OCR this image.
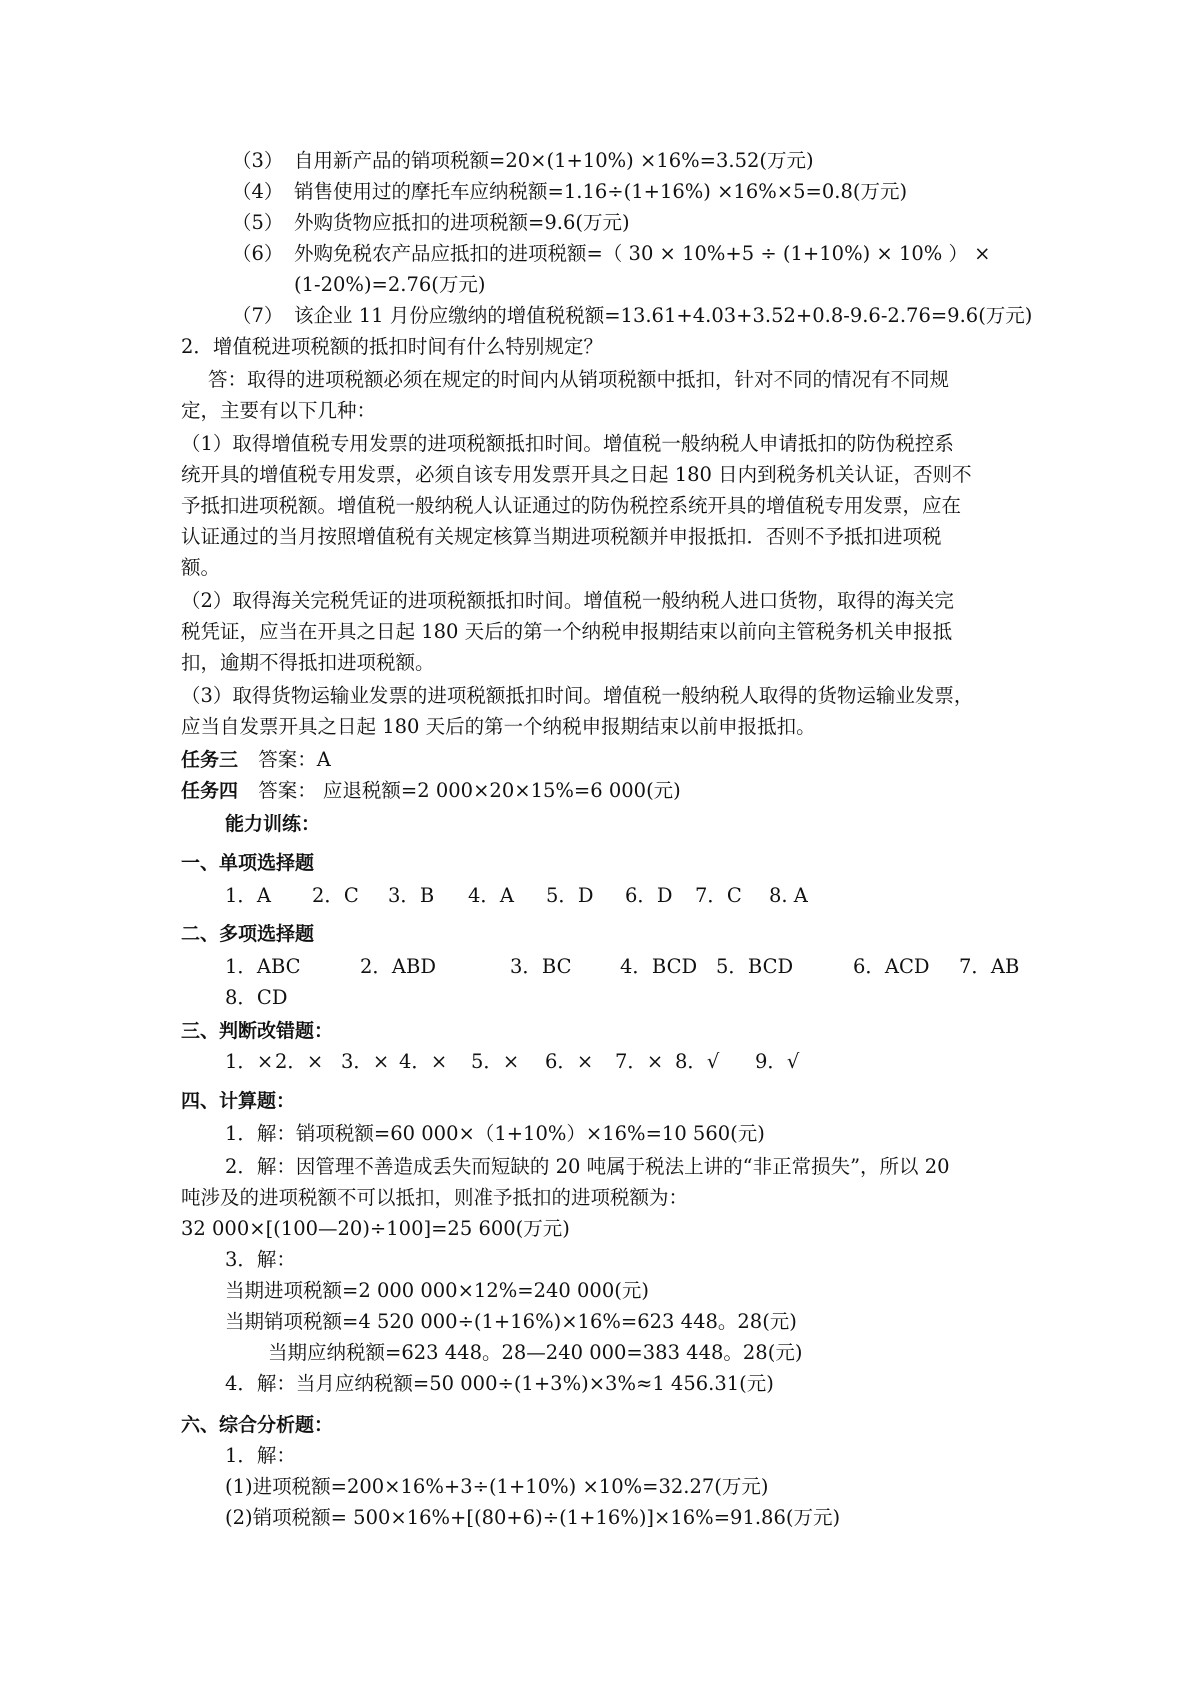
（3） 自用新产品的销项税额=20×(1+10%) ×16%=3.52(万元)
（4） 销售使用过的摩托车应纳税额=1.16÷(1+16%) ×16%×5=0.8(万元)
（5） 外购货物应抵扣的进项税额=9.6(万元)
（6） 外购免税农产品应抵扣的进项税额=（ 30 × 10%+5 ÷ (1+10%) × 10% ） ×
(1-20%)=2.76(万元)
（7） 该企业 11 月份应缴纳的增值税税额=13.61+4.03+3.52+0.8-9.6-2.76=9.6(万元)
2．增值税进项税额的抵扣时间有什么特别规定？
答：取得的进项税额必须在规定的时间内从销项税额中抵扣，针对不同的情况有不同规
定，主要有以下几种：
（1）取得增值税专用发票的进项税额抵扣时间。增值税一般纳税人申请抵扣的防伪税控系
统开具的增值税专用发票，必须自该专用发票开具之日起 180 日内到税务机关认证，否则不
予抵扣进项税额。增值税一般纳税人认证通过的防伪税控系统开具的增值税专用发票，应在
认证通过的当月按照增值税有关规定核算当期进项税额并申报抵扣．否则不予抵扣进项税
额。
（2）取得海关完税凭证的进项税额抵扣时间。增值税一般纳税人进口货物，取得的海关完
税凭证，应当在开具之日起 180 天后的第一个纳税申报期结束以前向主管税务机关申报抵
扣，逾期不得抵扣进项税额。
（3）取得货物运输业发票的进项税额抵扣时间。增值税一般纳税人取得的货物运输业发票，
应当自发票开具之日起 180 天后的第一个纳税申报期结束以前申报抵扣。
任务三 答案：A
任务四 答案： 应退税额=2 000×20×15%=6 000(元)
能力训练：
一、单项选择题
1．A 2．C 3．B 4．A 5．D 6．D 7．C 8. A
二、多项选择题
1．ABC	2．ABD	3．BC 4．BCD 5．BCD	6．ACD 7．AB
8．CD
三、判断改错题：
1．×2．× 3．× 4．× 5．× 6．× 7．× 8．√ 9．√
四、计算题：
1．解：销项税额=60 000×（1+10%）×16%=10 560(元)
2．解：因管理不善造成丢失而短缺的 20 吨属于税法上讲的“非正常损失”，所以 20
吨涉及的进项税额不可以抵扣，则准予抵扣的进项税额为：
32 000×[(100—20)÷100]=25 600(万元)
3．解：
当期进项税额=2 000 000×12%=240 000(元)
当期销项税额=4 520 000÷(1+16%)×16%=623 448。28(元)
当期应纳税额=623 448。28—240 000=383 448。28(元)
4．解：当月应纳税额=50 000÷(1+3%)×3%≈1 456.31(元)
六、综合分析题：
1．解：
(1)进项税额=200×16%+3÷(1+10%) ×10%=32.27(万元)
(2)销项税额= 500×16%+[(80+6)÷(1+16%)]×16%=91.86(万元)
